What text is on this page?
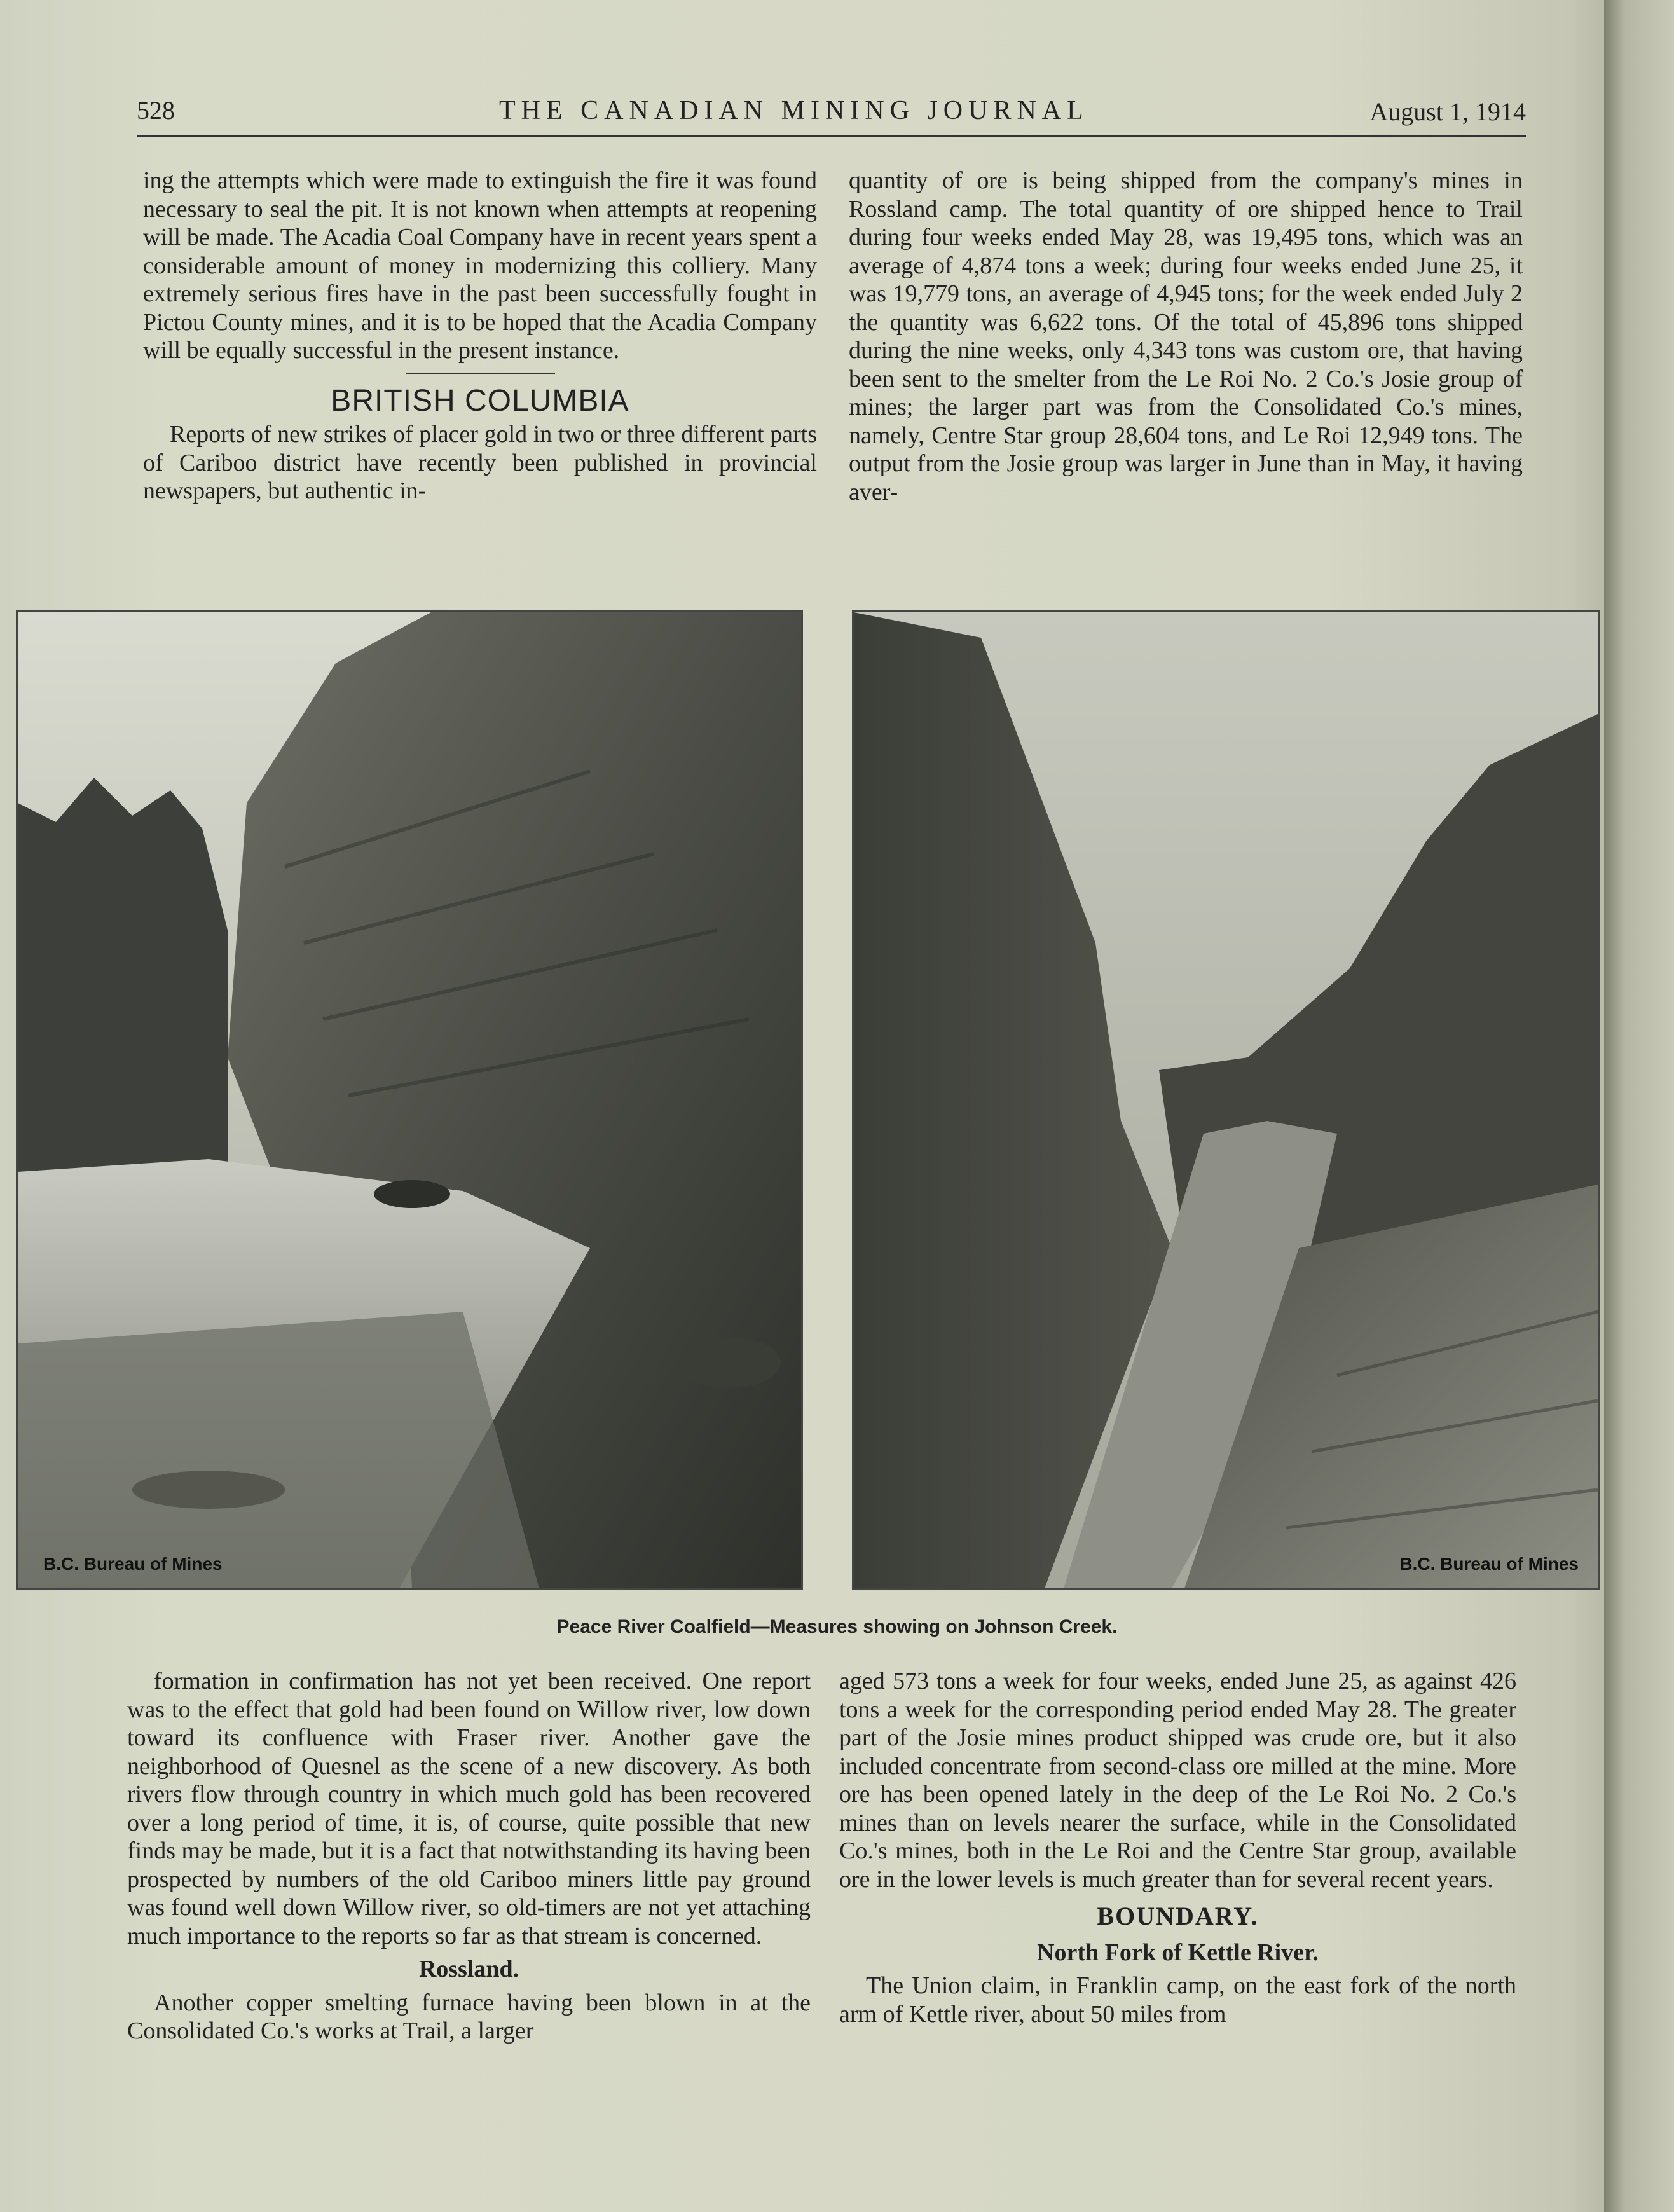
528	THE CANADIAN MINING JOURNAL	August 1, 1914

ing the attempts which were made to extinguish the fire it was found necessary to seal the pit. It is not known when attempts at reopening will be made. The Acadia Coal Company have in recent years spent a considerable amount of money in modernizing this colliery. Many extremely serious fires have in the past been successfully fought in Pictou County mines, and it is to be hoped that the Acadia Company will be equally successful in the present instance.

BRITISH COLUMBIA

Reports of new strikes of placer gold in two or three different parts of Cariboo district have recently been published in provincial newspapers, but authentic in-

quantity of ore is being shipped from the company's mines in Rossland camp. The total quantity of ore shipped hence to Trail during four weeks ended May 28, was 19,495 tons, which was an average of 4,874 tons a week; during four weeks ended June 25, it was 19,779 tons, an average of 4,945 tons; for the week ended July 2 the quantity was 6,622 tons. Of the total of 45,896 tons shipped during the nine weeks, only 4,343 tons was custom ore, that having been sent to the smelter from the Le Roi No. 2 Co.'s Josie group of mines; the larger part was from the Consolidated Co.'s mines, namely, Centre Star group 28,604 tons, and Le Roi 12,949 tons. The output from the Josie group was larger in June than in May, it having aver-

B.C. Bureau of Mines	B.C. Bureau of Mines
Peace River Coalfield—Measures showing on Johnson Creek.

formation in confirmation has not yet been received. One report was to the effect that gold had been found on Willow river, low down toward its confluence with Fraser river. Another gave the neighborhood of Quesnel as the scene of a new discovery. As both rivers flow through country in which much gold has been recovered over a long period of time, it is, of course, quite possible that new finds may be made, but it is a fact that notwithstanding its having been prospected by numbers of the old Cariboo miners little pay ground was found well down Willow river, so old-timers are not yet attaching much importance to the reports so far as that stream is concerned.

Rossland.

Another copper smelting furnace having been blown in at the Consolidated Co.'s works at Trail, a larger

aged 573 tons a week for four weeks, ended June 25, as against 426 tons a week for the corresponding period ended May 28. The greater part of the Josie mines product shipped was crude ore, but it also included concentrate from second-class ore milled at the mine. More ore has been opened lately in the deep of the Le Roi No. 2 Co.'s mines than on levels nearer the surface, while in the Consolidated Co.'s mines, both in the Le Roi and the Centre Star group, available ore in the lower levels is much greater than for several recent years.

BOUNDARY.
North Fork of Kettle River.

The Union claim, in Franklin camp, on the east fork of the north arm of Kettle river, about 50 miles from
